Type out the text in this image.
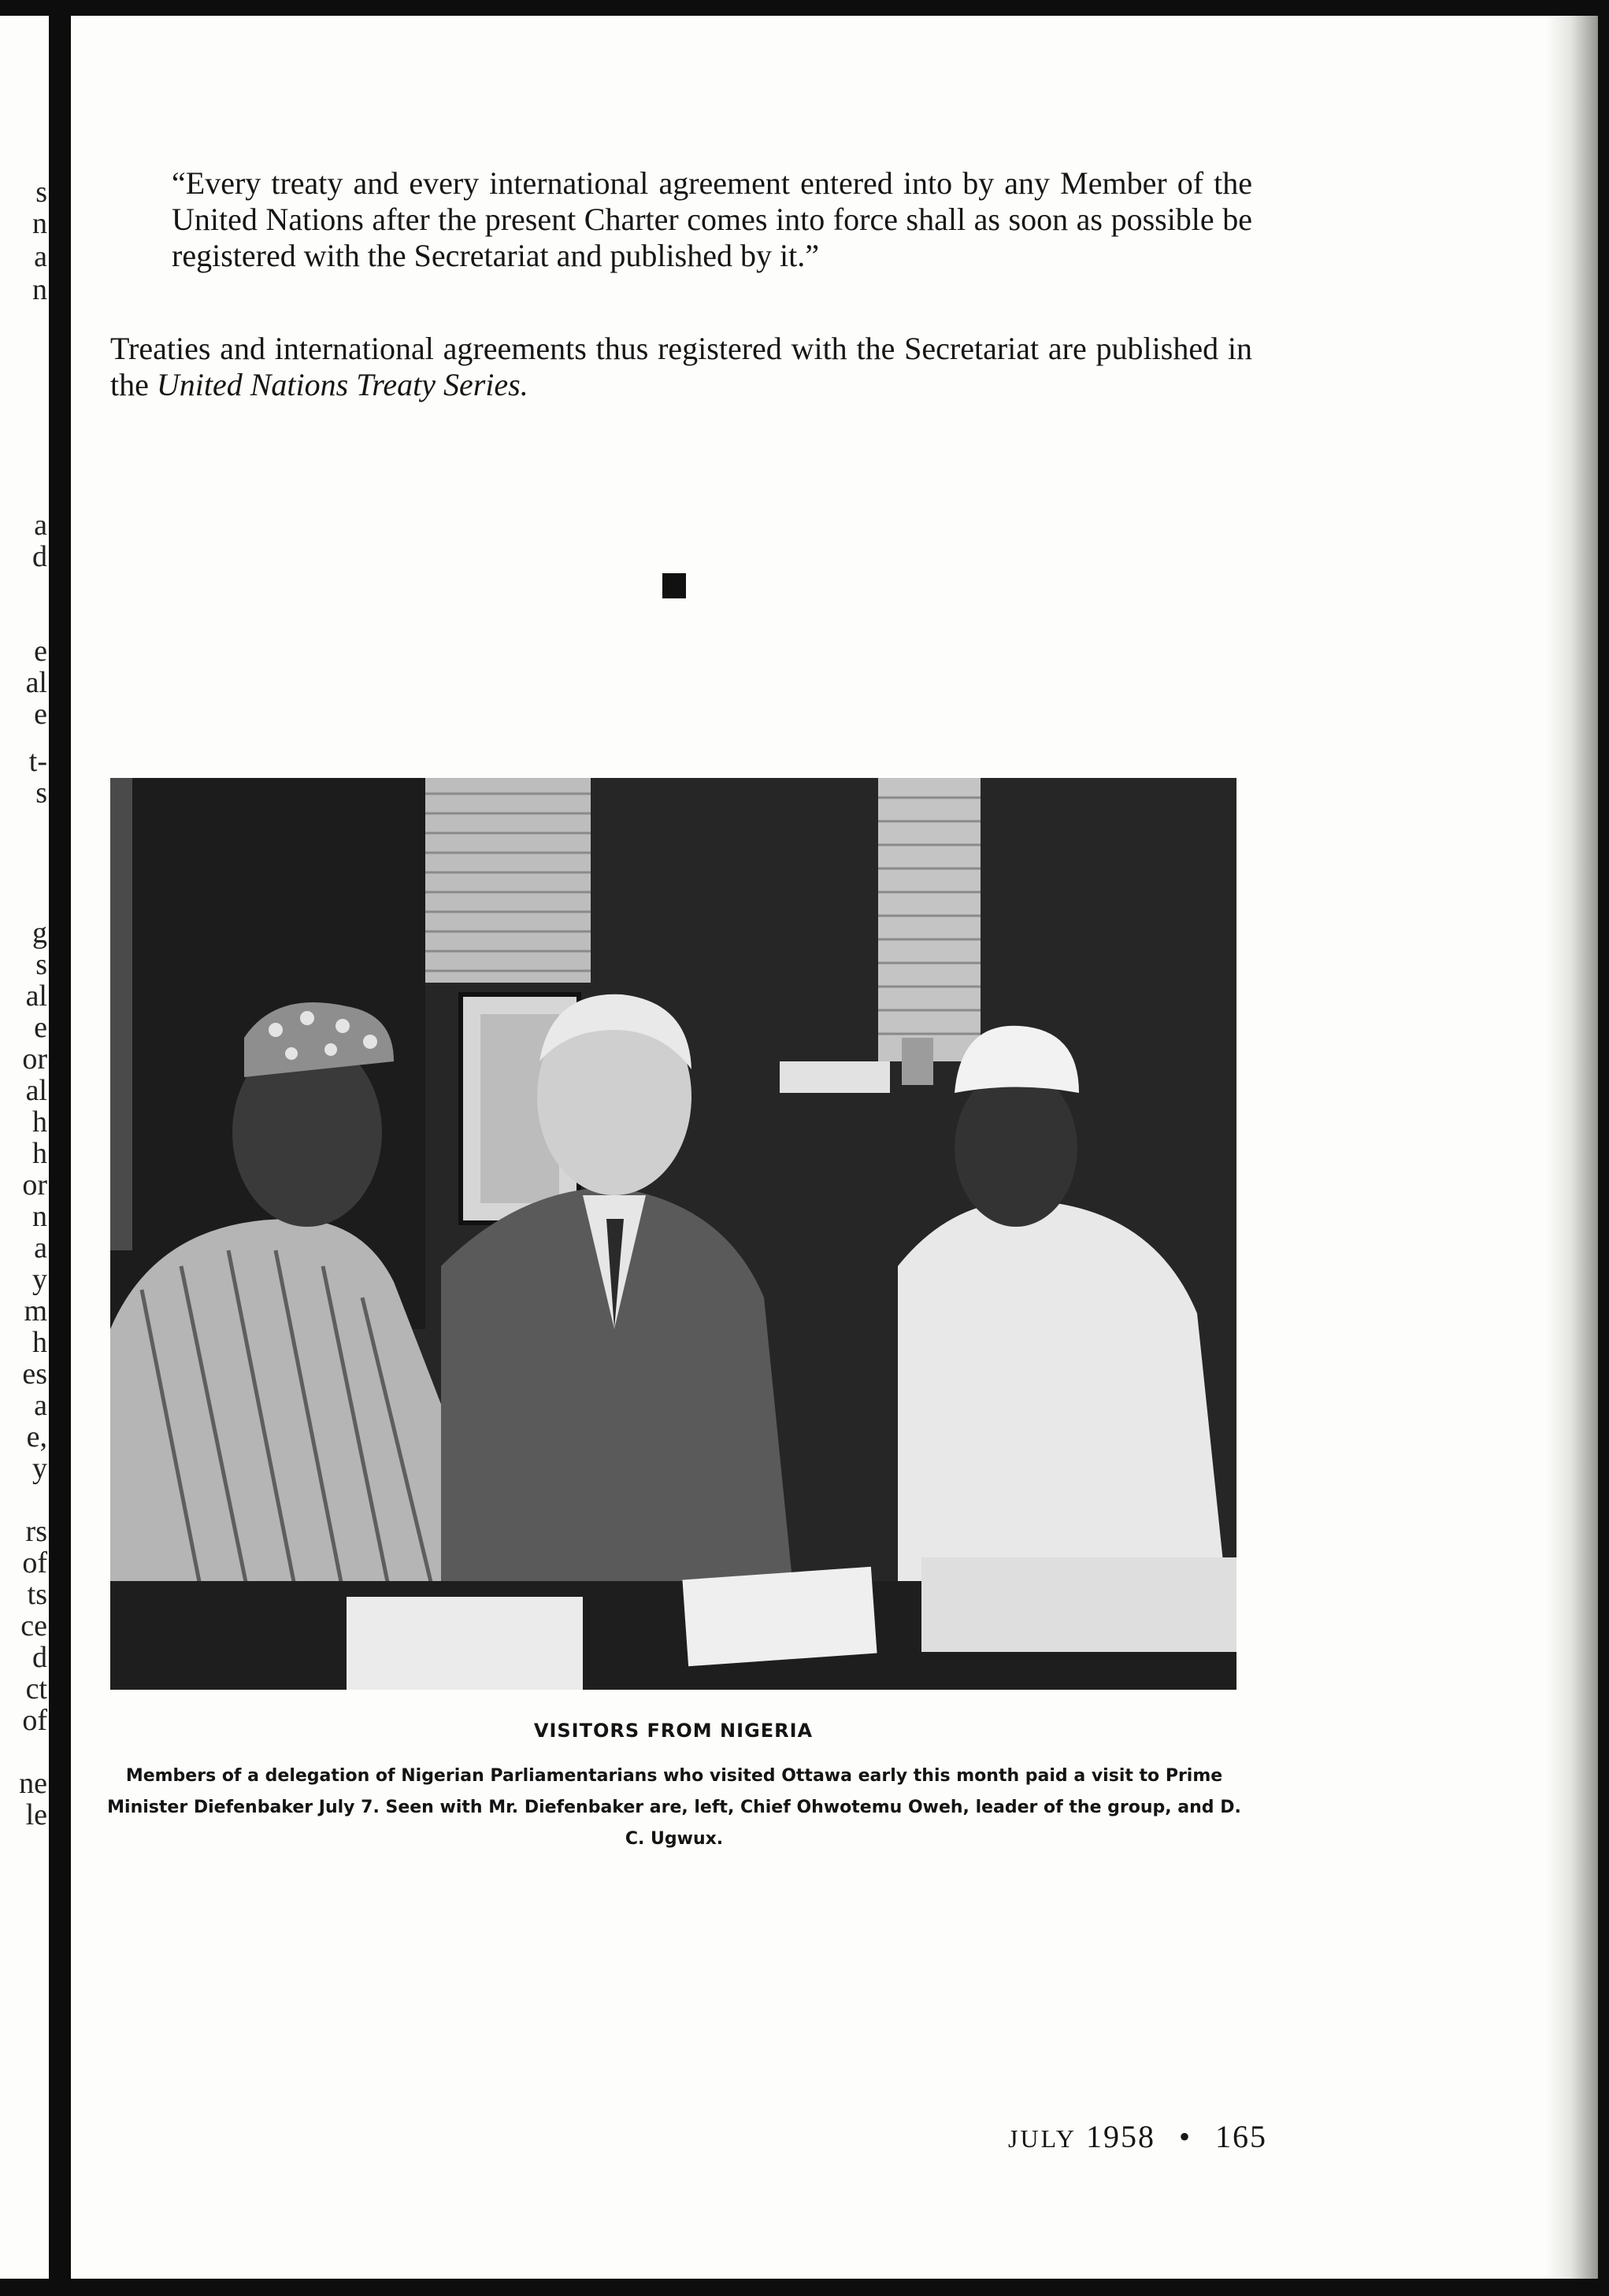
s
n
a
n
a
d
e
al
e
t-
s
g
s
al
e
or
al
h
h
or
n
a
y
m
h
es
a
e,
y
rs
of
ts
ce
d
ct
of
ne
le
“Every treaty and every international agreement entered into by any Member of the United Nations after the present Charter comes into force shall as soon as possible be registered with the Secretariat and published by it.”
Treaties and international agreements thus registered with the Secretariat are published in the United Nations Treaty Series.
VISITORS FROM NIGERIA
Members of a delegation of Nigerian Parliamentarians who visited Ottawa early this month paid a visit to Prime Minister Diefenbaker July 7. Seen with Mr. Diefenbaker are, left, Chief Ohwotemu Oweh, leader of the group, and D. C. Ugwux.
JULY 1958 • 165
